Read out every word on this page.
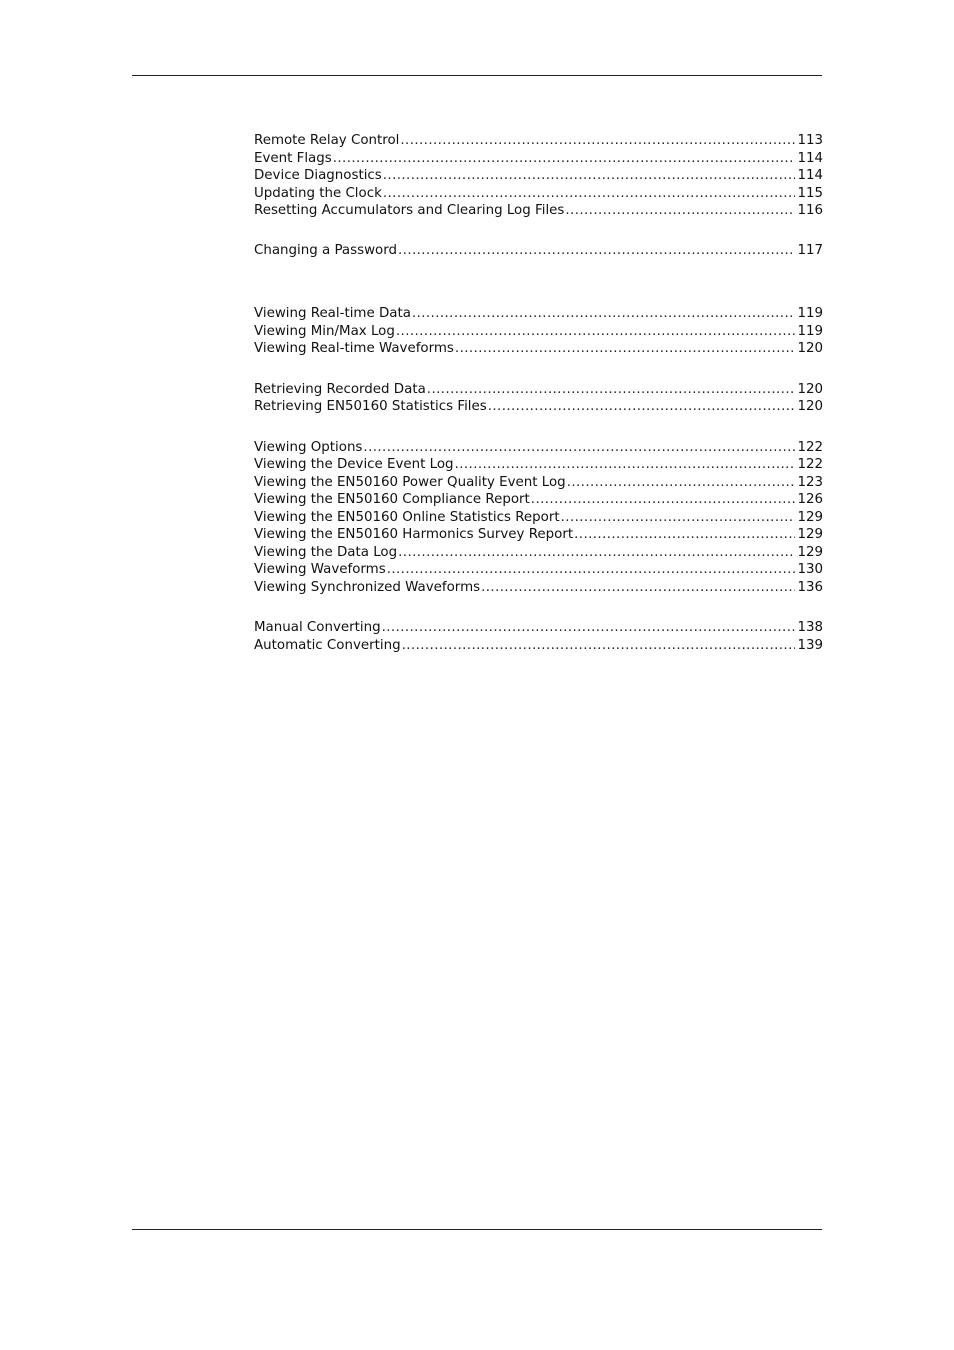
Remote Relay Control .....	113
Event Flags .....	114
Device Diagnostics .....	114
Updating the Clock .....	115
Resetting Accumulators and Clearing Log Files .....	116
Changing a Password .....	117
Viewing Real-time Data .....	119
Viewing Min/Max Log .....	119
Viewing Real-time Waveforms .....	120
Retrieving Recorded Data .....	120
Retrieving EN50160 Statistics Files .....	120
Viewing Options .....	122
Viewing the Device Event Log .....	122
Viewing the EN50160 Power Quality Event Log .....	123
Viewing the EN50160 Compliance Report .....	126
Viewing the EN50160 Online Statistics Report .....	129
Viewing the EN50160 Harmonics Survey Report .....	129
Viewing the Data Log .....	129
Viewing Waveforms .....	130
Viewing Synchronized Waveforms .....	136
Manual Converting .....	138
Automatic Converting .....	139
